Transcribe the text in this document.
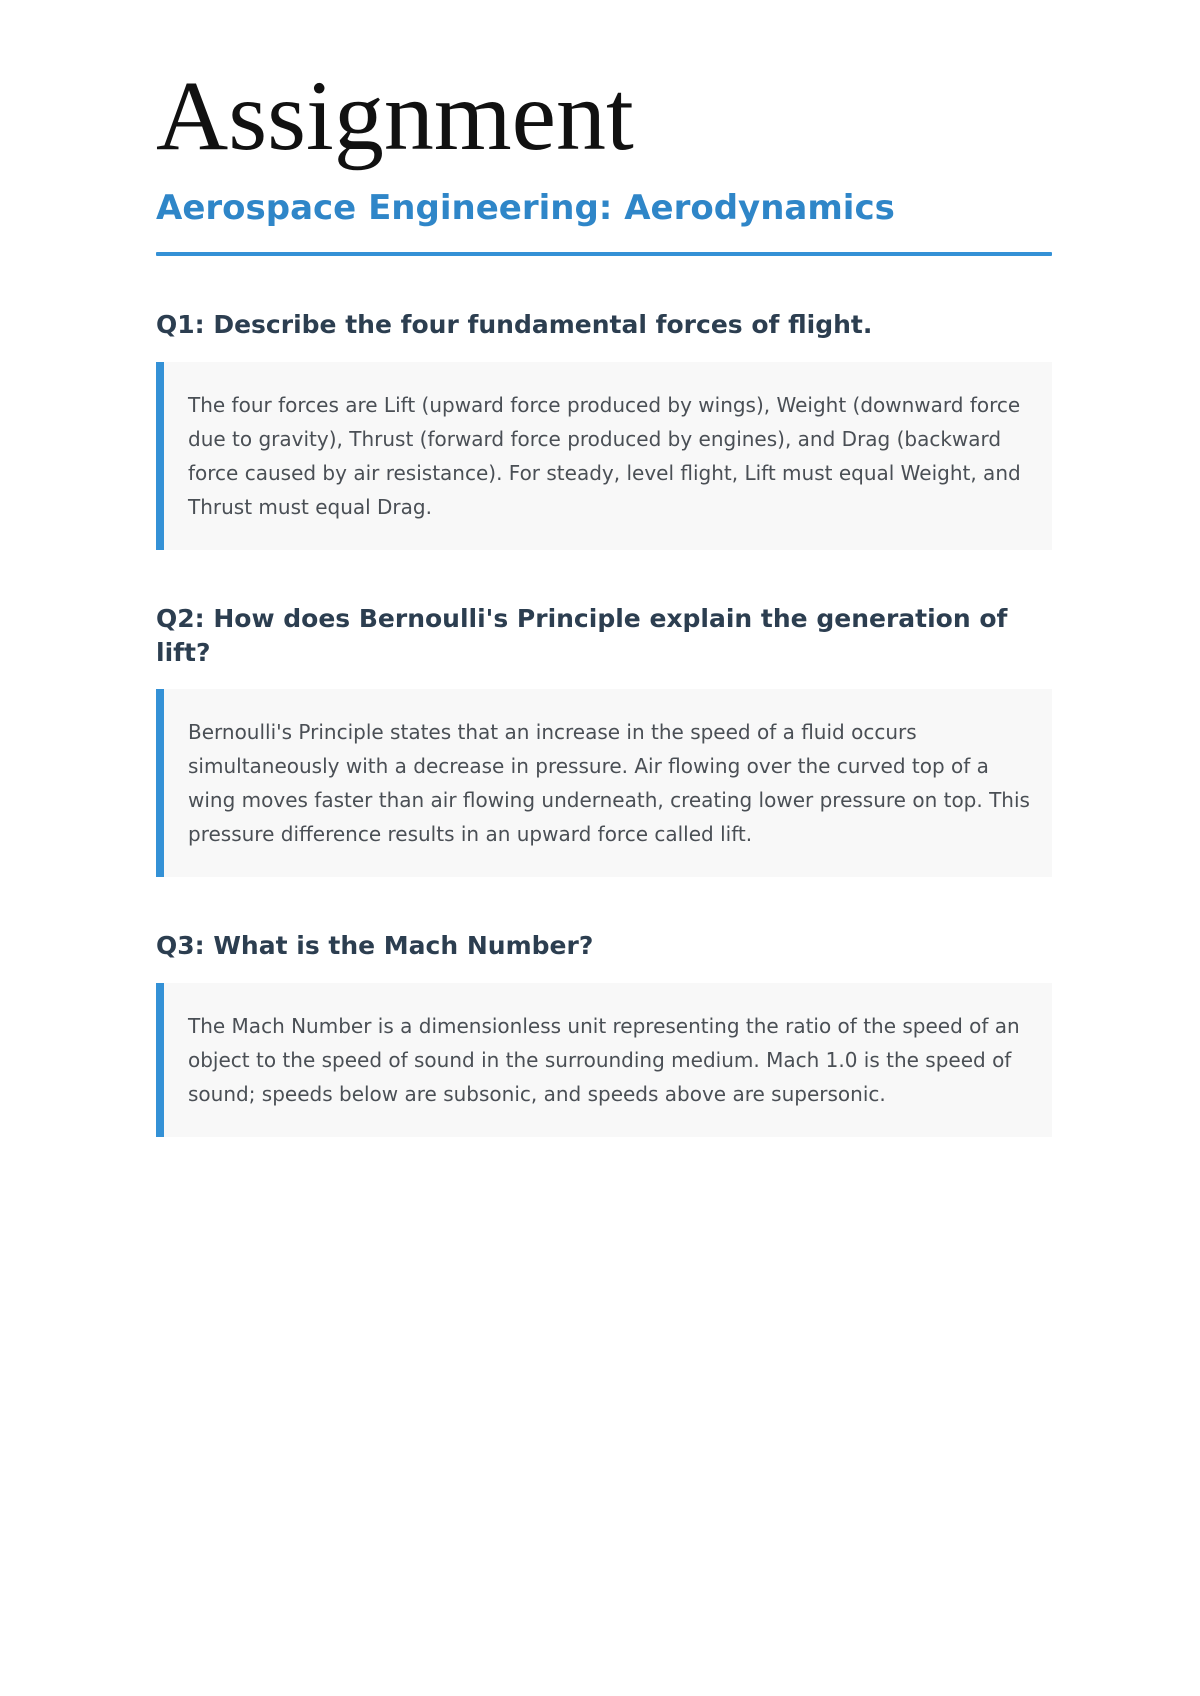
Assignment
Aerospace Engineering: Aerodynamics
Q1: Describe the four fundamental forces of flight.

The four forces are Lift (upward force produced by wings), Weight (downward force due to gravity), Thrust (forward force produced by engines), and Drag (backward force caused by air resistance). For steady, level flight, Lift must equal Weight, and Thrust must equal Drag.

Q2: How does Bernoulli's Principle explain the generation of lift?

Bernoulli's Principle states that an increase in the speed of a fluid occurs simultaneously with a decrease in pressure. Air flowing over the curved top of a wing moves faster than air flowing underneath, creating lower pressure on top. This pressure difference results in an upward force called lift.

Q3: What is the Mach Number?

The Mach Number is a dimensionless unit representing the ratio of the speed of an object to the speed of sound in the surrounding medium. Mach 1.0 is the speed of sound; speeds below are subsonic, and speeds above are supersonic.
